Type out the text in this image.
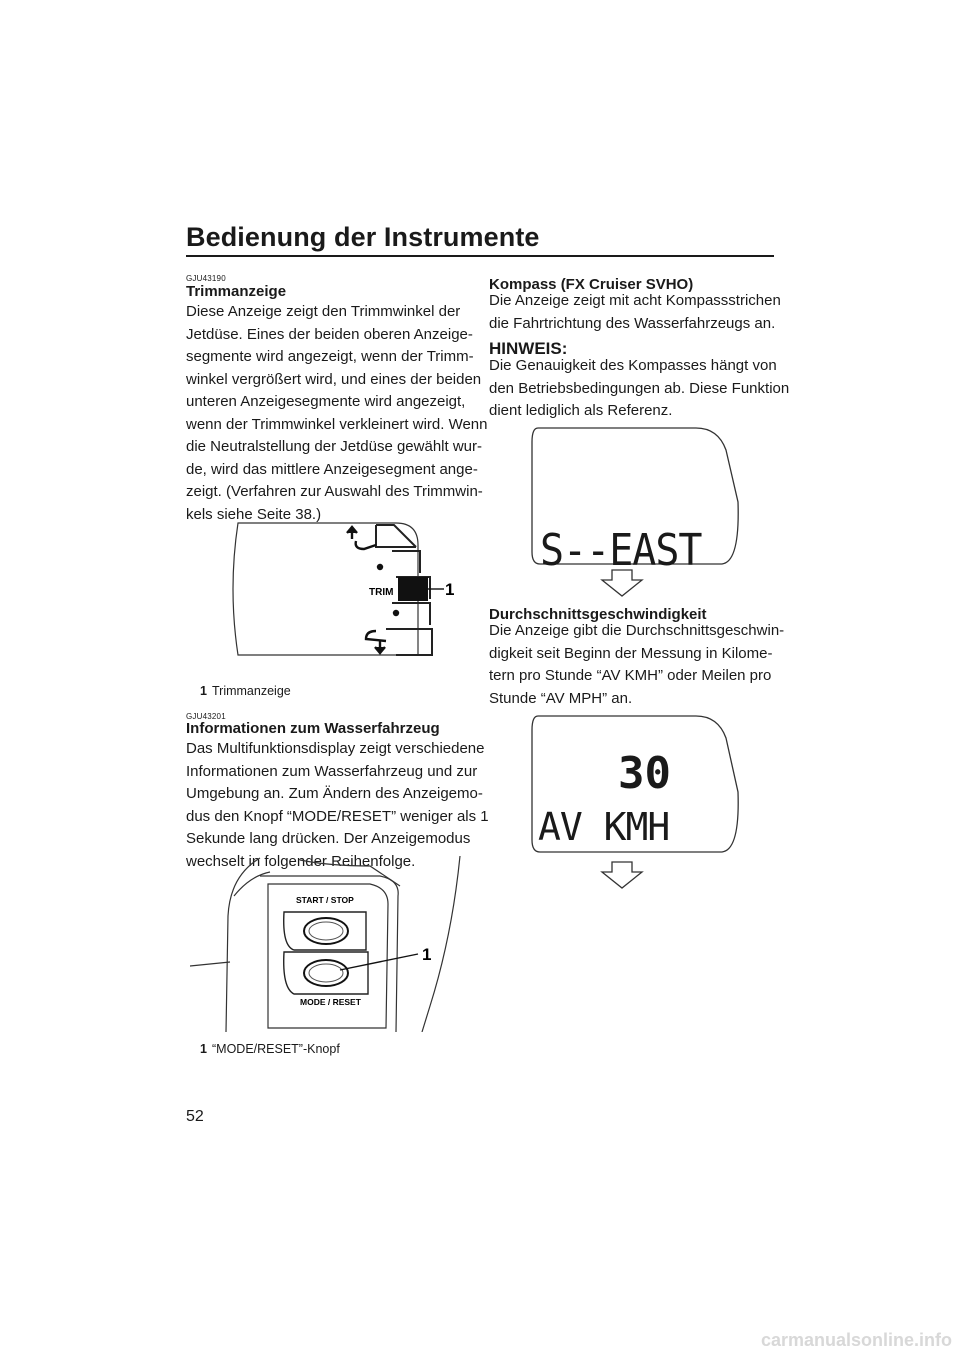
Bedienung der Instrumente
GJU43190
Trimmanzeige
Diese Anzeige zeigt den Trimmwinkel der
Jetdüse. Eines der beiden oberen Anzeige-
segmente wird angezeigt, wenn der Trimm-
winkel vergrößert wird, und eines der beiden
unteren Anzeigesegmente wird angezeigt,
wenn der Trimmwinkel verkleinert wird. Wenn
die Neutralstellung der Jetdüse gewählt wur-
de, wird das mittlere Anzeigesegment ange-
zeigt. (Verfahren zur Auswahl des Trimmwin-
kels siehe Seite 38.)
TRIM	1
1 Trimmanzeige
GJU43201
Informationen zum Wasserfahrzeug
Das Multifunktionsdisplay zeigt verschiedene
Informationen zum Wasserfahrzeug und zur
Umgebung an. Zum Ändern des Anzeigemo-
dus den Knopf “MODE/RESET” weniger als 1
Sekunde lang drücken. Der Anzeigemodus
wechselt in folgender Reihenfolge.
START / STOP
MODE / RESET
1
1 “MODE/RESET”-Knopf
Kompass (FX Cruiser SVHO)
Die Anzeige zeigt mit acht Kompassstrichen
die Fahrtrichtung des Wasserfahrzeugs an.
HINWEIS:
Die Genauigkeit des Kompasses hängt von
den Betriebsbedingungen ab. Diese Funktion
dient lediglich als Referenz.
S--EAST
Durchschnittsgeschwindigkeit
Die Anzeige gibt die Durchschnittsgeschwin-
digkeit seit Beginn der Messung in Kilome-
tern pro Stunde “AV KMH” oder Meilen pro
Stunde “AV MPH” an.
30
AV KMH
52
carmanualsonline.info
